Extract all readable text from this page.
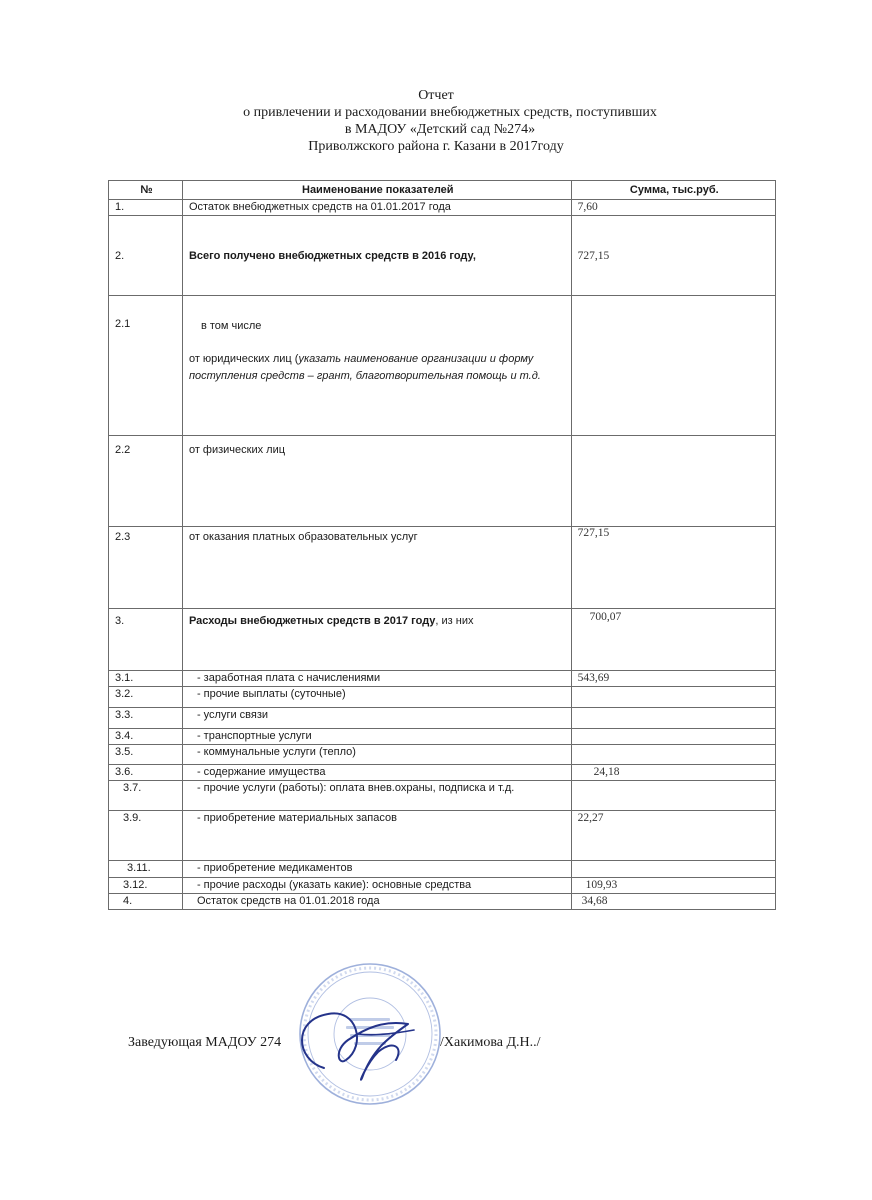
Отчет
о привлечении и расходовании внебюджетных средств, поступивших
в МАДОУ «Детский сад №274»
Приволжского района г. Казани в 2017году
№	Наименование показателей	Сумма, тыс.руб.
1.	Остаток внебюджетных средств на 01.01.2017 года	7,60
2.	Всего получено внебюджетных средств в 2016 году,	727,15
2.1	в том числе
от юридических лиц (указать наименование организации и форму поступления средств – грант, благотворительная помощь и т.д.	

2.2	от физических лиц	
2.3	от оказания платных образовательных услуг	727,15
3.	Расходы внебюджетных средств в 2017 году, из них	700,07
3.1.	- заработная плата с начислениями	543,69
3.2.	- прочие выплаты (суточные)	
3.3.	- услуги связи	
3.4.	- транспортные услуги	
3.5.	- коммунальные услуги (тепло)	
3.6.	- содержание имущества	24,18
3.7.	- прочие услуги (работы): оплата внев.охраны, подписка и т.д.	
3.9.	- приобретение материальных запасов	22,27
3.11.	- приобретение медикаментов	
3.12.	- прочие расходы (указать какие): основные средства	109,93
4.	Остаток средств на 01.01.2018 года	34,68
Заведующая МАДОУ 274	/Хакимова Д.Н../
